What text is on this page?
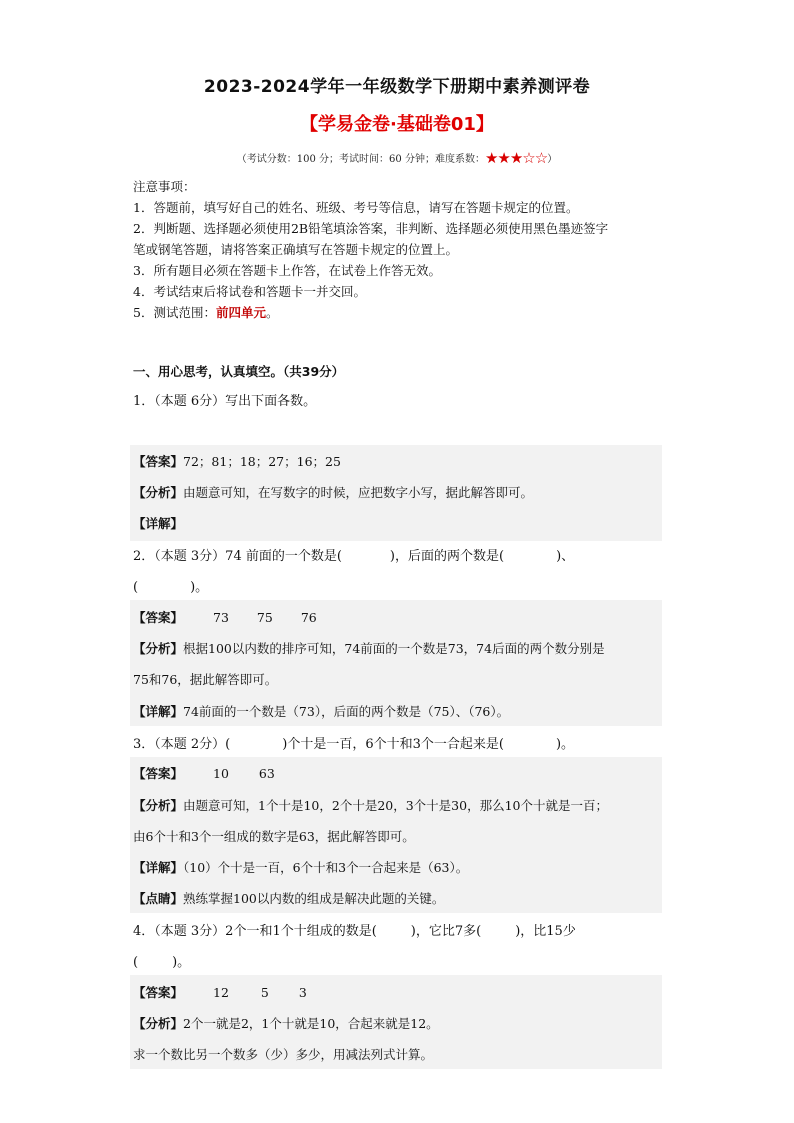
2023-2024学年一年级数学下册期中素养测评卷
【学易金卷·基础卷01】
（考试分数：100 分；考试时间：60 分钟；难度系数：★★★☆☆）
注意事项：
1．答题前，填写好自己的姓名、班级、考号等信息，请写在答题卡规定的位置。
2．判断题、选择题必须使用2B铅笔填涂答案，非判断、选择题必须使用黑色墨迹签字
笔或钢笔答题，请将答案正确填写在答题卡规定的位置上。
3．所有题目必须在答题卡上作答，在试卷上作答无效。
4．考试结束后将试卷和答题卡一并交回。
5．测试范围：前四单元。
一、用心思考，认真填空。（共39分）
1．（本题 6分）写出下面各数。
【答案】72；81；18；27；16；25
【分析】由题意可知，在写数字的时候，应把数字小写，据此解答即可。
【详解】
2．（本题 3分）74 前面的一个数是(	)，后面的两个数是(	)、
(	)。
【答案】 73 75 76
【分析】根据100以内数的排序可知，74前面的一个数是73，74后面的两个数分别是
75和76，据此解答即可。
【详解】74前面的一个数是（73），后面的两个数是（75）、（76）。
3．（本题 2分）(	)个十是一百，6个十和3个一合起来是(	)。
【答案】 10 63
【分析】由题意可知，1个十是10，2个十是20，3个十是30，那么10个十就是一百；
由6个十和3个一组成的数字是63，据此解答即可。
【详解】（10）个十是一百，6个十和3个一合起来是（63）。
【点睛】熟练掌握100以内数的组成是解决此题的关键。
4．（本题 3分）2个一和1个十组成的数是(	)，它比7多(	)，比15少
(	)。
【答案】 12	5 3
【分析】2个一就是2，1个十就是10，合起来就是12。
求一个数比另一个数多（少）多少，用减法列式计算。
